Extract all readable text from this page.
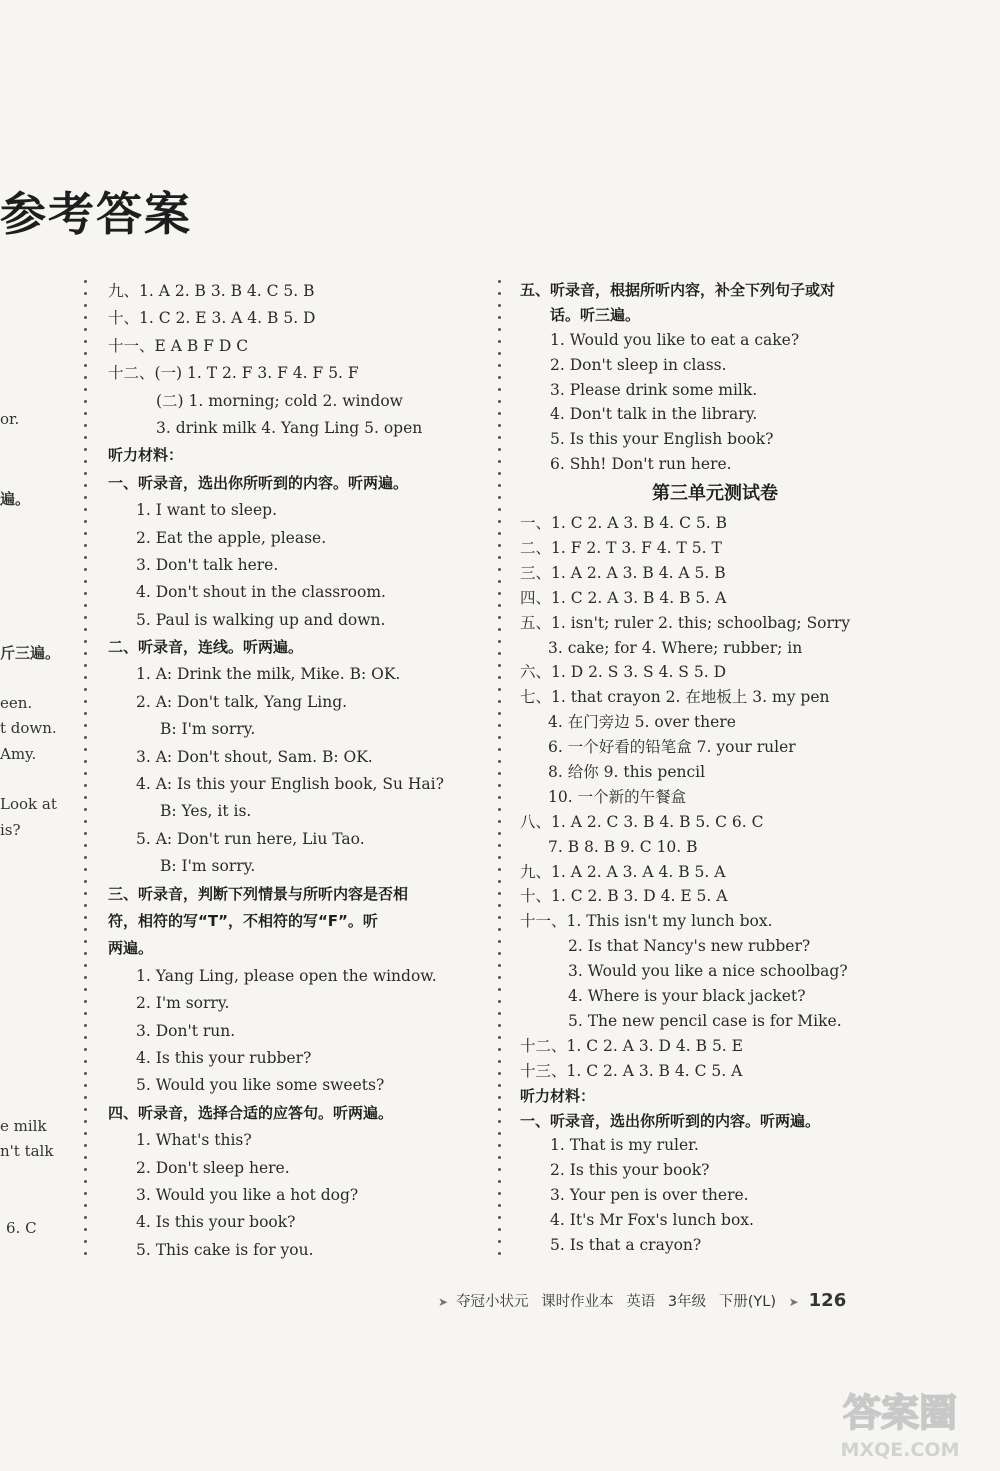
参考答案
or.
遍。
斤三遍。
een.
t down.
Amy.
Look at
is?
e milk
n't talk
6. C
九、1. A 2. B 3. B 4. C 5. B
十、1. C 2. E 3. A 4. B 5. D
十一、E A B F D C
十二、(一) 1. T 2. F 3. F 4. F 5. F
(二) 1. morning; cold 2. window
3. drink milk 4. Yang Ling 5. open
听力材料：
一、听录音，选出你所听到的内容。听两遍。
1. I want to sleep.
2. Eat the apple, please.
3. Don't talk here.
4. Don't shout in the classroom.
5. Paul is walking up and down.
二、听录音，连线。听两遍。
1. A: Drink the milk, Mike. B: OK.
2. A: Don't talk, Yang Ling.
B: I'm sorry.
3. A: Don't shout, Sam. B: OK.
4. A: Is this your English book, Su Hai?
B: Yes, it is.
5. A: Don't run here, Liu Tao.
B: I'm sorry.
三、听录音，判断下列情景与所听内容是否相
符，相符的写“T”，不相符的写“F”。听
两遍。
1. Yang Ling, please open the window.
2. I'm sorry.
3. Don't run.
4. Is this your rubber?
5. Would you like some sweets?
四、听录音，选择合适的应答句。听两遍。
1. What's this?
2. Don't sleep here.
3. Would you like a hot dog?
4. Is this your book?
5. This cake is for you.
五、听录音，根据所听内容，补全下列句子或对
话。听三遍。
1. Would you like to eat a cake?
2. Don't sleep in class.
3. Please drink some milk.
4. Don't talk in the library.
5. Is this your English book?
6. Shh! Don't run here.
第三单元测试卷
一、1. C 2. A 3. B 4. C 5. B
二、1. F 2. T 3. F 4. T 5. T
三、1. A 2. A 3. B 4. A 5. B
四、1. C 2. A 3. B 4. B 5. A
五、1. isn't; ruler 2. this; schoolbag; Sorry
3. cake; for 4. Where; rubber; in
六、1. D 2. S 3. S 4. S 5. D
七、1. that crayon 2. 在地板上 3. my pen
4. 在门旁边 5. over there
6. 一个好看的铅笔盒 7. your ruler
8. 给你 9. this pencil
10. 一个新的午餐盒
八、1. A 2. C 3. B 4. B 5. C 6. C
7. B 8. B 9. C 10. B
九、1. A 2. A 3. A 4. B 5. A
十、1. C 2. B 3. D 4. E 5. A
十一、1. This isn't my lunch box.
2. Is that Nancy's new rubber?
3. Would you like a nice schoolbag?
4. Where is your black jacket?
5. The new pencil case is for Mike.
十二、1. C 2. A 3. D 4. B 5. E
十三、1. C 2. A 3. B 4. C 5. A
听力材料：
一、听录音，选出你所听到的内容。听两遍。
1. That is my ruler.
2. Is this your book?
3. Your pen is over there.
4. It's Mr Fox's lunch box.
5. Is that a crayon?
➤ 夺冠小状元 课时作业本 英语 3年级 下册(YL) ➤ 126
答案圈
MXQE.COM
